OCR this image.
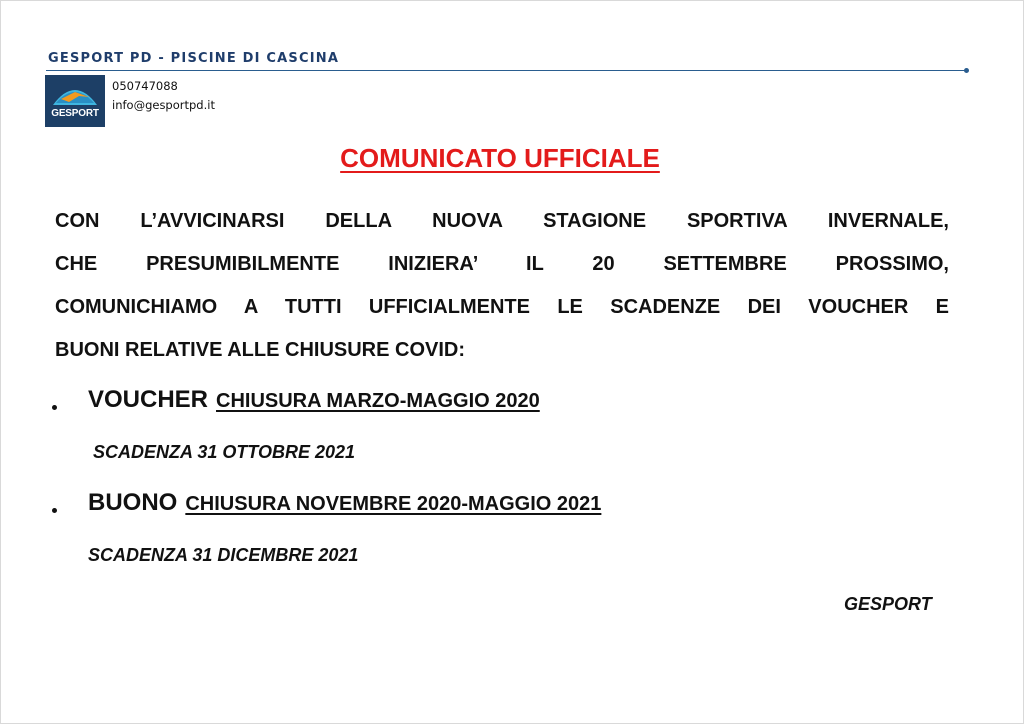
GESPORT PD - PISCINE DI CASCINA
GESPORT
050747088
info@gesportpd.it
COMUNICATO UFFICIALE
CON L’AVVICINARSI DELLA NUOVA STAGIONE SPORTIVA INVERNALE,
CHE PRESUMIBILMENTE INIZIERA’ IL 20 SETTEMBRE PROSSIMO,
COMUNICHIAMO A TUTTI UFFICIALMENTE LE SCADENZE DEI VOUCHER E
BUONI RELATIVE ALLE CHIUSURE COVID:
VOUCHER CHIUSURA MARZO-MAGGIO 2020
SCADENZA 31 OTTOBRE 2021
BUONO CHIUSURA NOVEMBRE 2020-MAGGIO 2021
SCADENZA 31 DICEMBRE 2021
GESPORT
